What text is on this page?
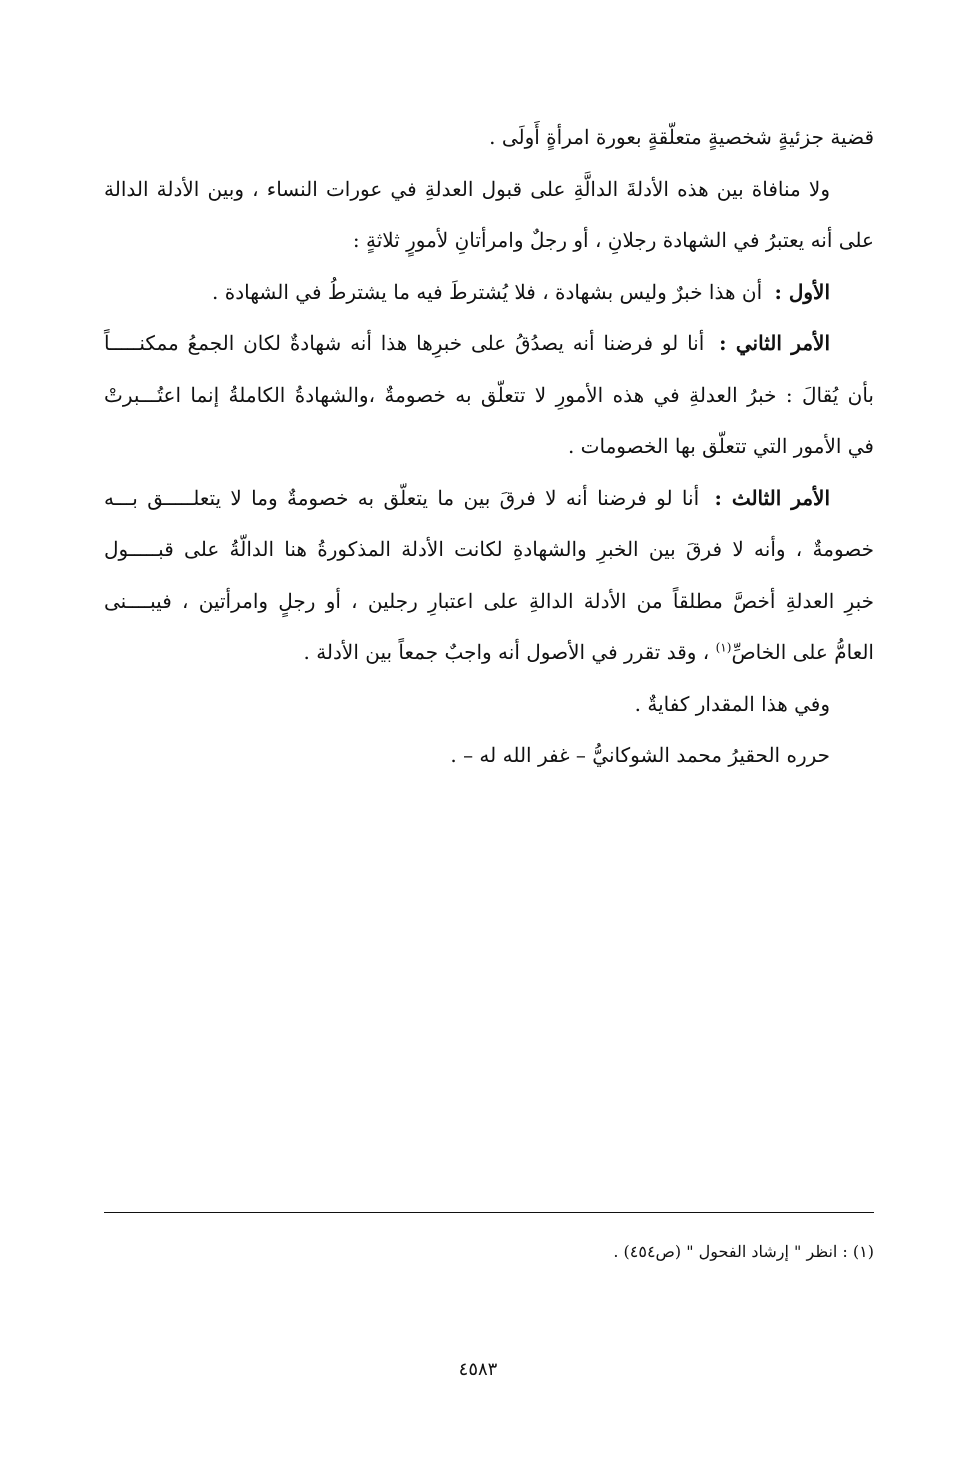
قضية جزئيةٍ شخصيةٍ متعلّقةٍ بعورة امرأةٍ أَولَى .
ولا منافاة بين هذه الأدلةَ الدالَّةِ على قبول العدلةِ في عورات النساء ، وبين الأدلة الدالة
على أنه يعتبرُ في الشهادة رجلانِ ، أو رجلٌ وامرأتانِ لأمورٍ ثلاثةٍ :
الأول : أن هذا خبرٌ وليس بشهادة ، فلا يُشترطَ فيه ما يشترطُ في الشهادة .
الأمر الثاني : أنا لو فرضنا أنه يصدُقُ على خبرِها هذا أنه شهادةٌ لكان الجمعُ ممكنـــــاً
بأن يُقالَ : خبرُ العدلةِ في هذه الأمورِ لا تتعلّق به خصومةٌ ،والشهادةُ الكاملةُ إنما اعتُـــبرتْ
في الأمور التي تتعلّق بها الخصومات .
الأمر الثالث : أنا لو فرضنا أنه لا فرقَ بين ما يتعلّق به خصومةٌ وما لا يتعلـــــق بـــه
خصومةٌ ، وأنه لا فرقَ بين الخبرِ والشهادةِ لكانت الأدلة المذكورةُ هنا الدالّةُ على قبـــــول
خبرِ العدلةِ أخصَّ مطلقاً من الأدلة الدالةِ على اعتبارِ رجلين ، أو رجلٍ وامرأتين ، فيبــــنى
العامُّ على الخاصِّ$^{(١)}$ ، وقد تقرر في الأصول أنه واجبٌ جمعاً بين الأدلة .
وفي هذا المقدار كفايةٌ .
حرره الحقيرُ محمد الشوكانيُّ – غفر الله له – .
(١) : انظر " إرشاد الفحول " (ص٤٥٤) .
٤٥٨٣
